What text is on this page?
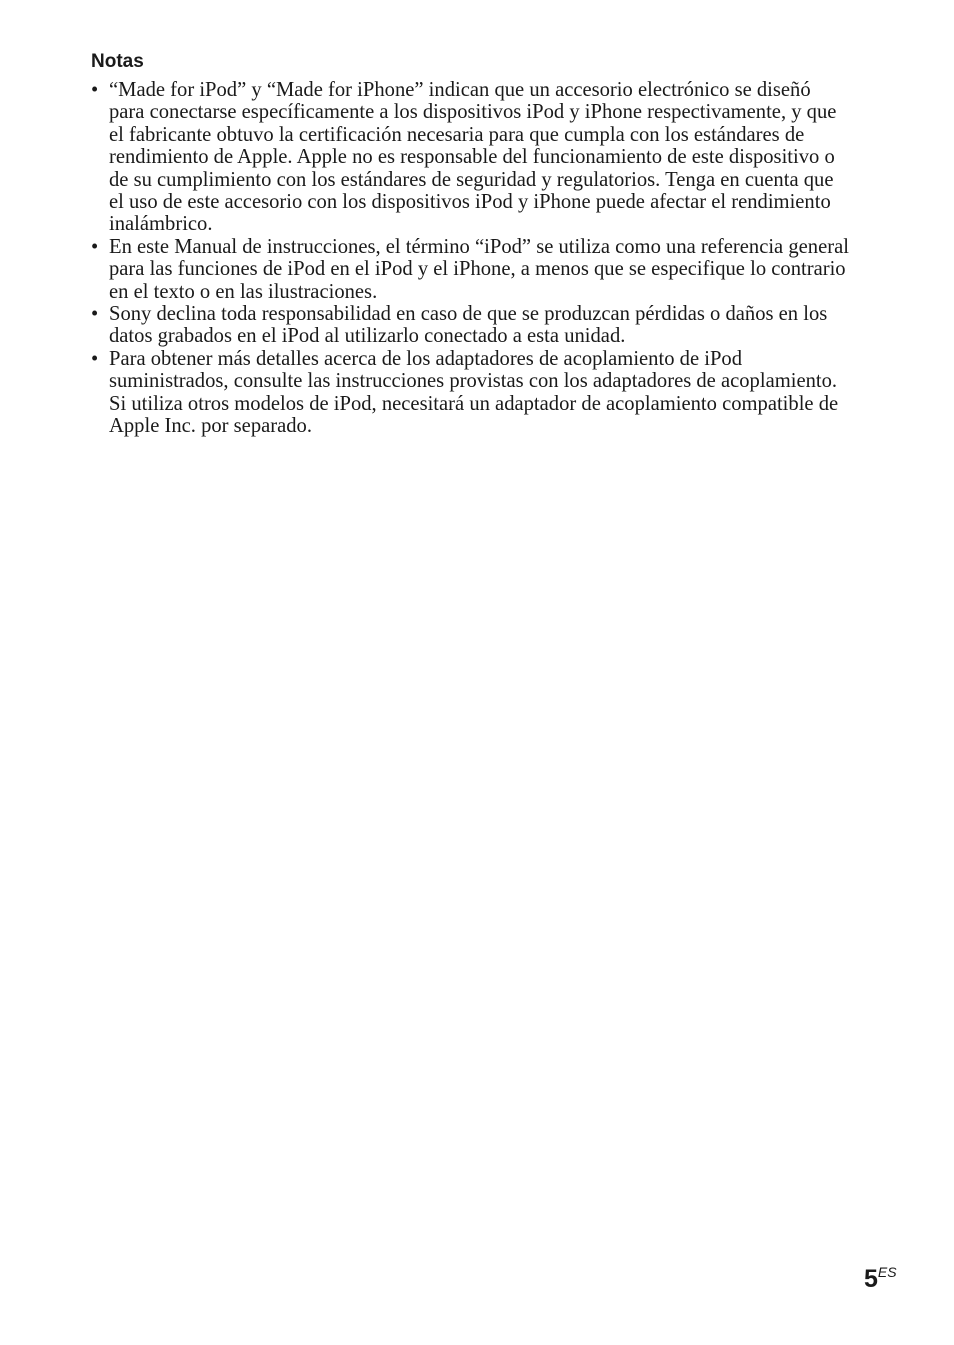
Notas
• “Made for iPod” y “Made for iPhone” indican que un accesorio electrónico se diseñó para conectarse específicamente a los dispositivos iPod y iPhone respectivamente, y que el fabricante obtuvo la certificación necesaria para que cumpla con los estándares de rendimiento de Apple. Apple no es responsable del funcionamiento de este dispositivo o de su cumplimiento con los estándares de seguridad y regulatorios. Tenga en cuenta que el uso de este accesorio con los dispositivos iPod y iPhone puede afectar el rendimiento inalámbrico.
• En este Manual de instrucciones, el término “iPod” se utiliza como una referencia general para las funciones de iPod en el iPod y el iPhone, a menos que se especifique lo contrario en el texto o en las ilustraciones.
• Sony declina toda responsabilidad en caso de que se produzcan pérdidas o daños en los datos grabados en el iPod al utilizarlo conectado a esta unidad.
• Para obtener más detalles acerca de los adaptadores de acoplamiento de iPod suministrados, consulte las instrucciones provistas con los adaptadores de acoplamiento. Si utiliza otros modelos de iPod, necesitará un adaptador de acoplamiento compatible de Apple Inc. por separado.
5ES
